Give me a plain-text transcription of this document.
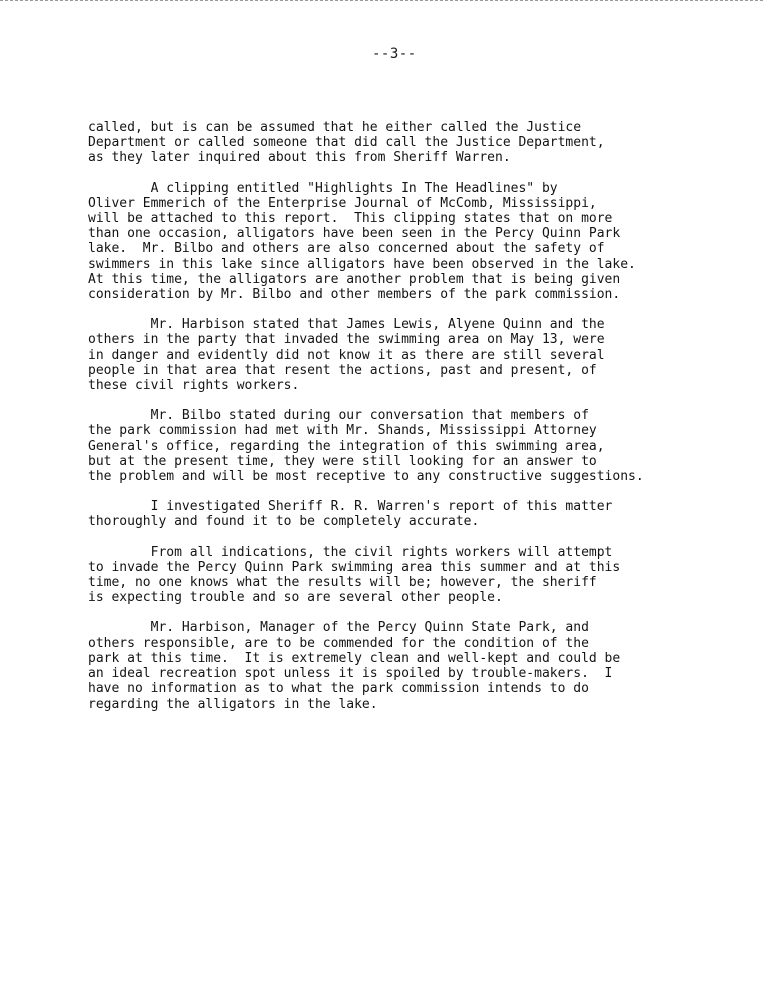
--3--
called, but is can be assumed that he either called the Justice
Department or called someone that did call the Justice Department,
as they later inquired about this from Sheriff Warren.
A clipping entitled "Highlights In The Headlines" by
Oliver Emmerich of the Enterprise Journal of McComb, Mississippi,
will be attached to this report.  This clipping states that on more
than one occasion, alligators have been seen in the Percy Quinn Park
lake.  Mr. Bilbo and others are also concerned about the safety of
swimmers in this lake since alligators have been observed in the lake.
At this time, the alligators are another problem that is being given
consideration by Mr. Bilbo and other members of the park commission.
Mr. Harbison stated that James Lewis, Alyene Quinn and the
others in the party that invaded the swimming area on May 13, were
in danger and evidently did not know it as there are still several
people in that area that resent the actions, past and present, of
these civil rights workers.
Mr. Bilbo stated during our conversation that members of
the park commission had met with Mr. Shands, Mississippi Attorney
General's office, regarding the integration of this swimming area,
but at the present time, they were still looking for an answer to
the problem and will be most receptive to any constructive suggestions.
I investigated Sheriff R. R. Warren's report of this matter
thoroughly and found it to be completely accurate.
From all indications, the civil rights workers will attempt
to invade the Percy Quinn Park swimming area this summer and at this
time, no one knows what the results will be; however, the sheriff
is expecting trouble and so are several other people.
Mr. Harbison, Manager of the Percy Quinn State Park, and
others responsible, are to be commended for the condition of the
park at this time.  It is extremely clean and well-kept and could be
an ideal recreation spot unless it is spoiled by trouble-makers.  I
have no information as to what the park commission intends to do
regarding the alligators in the lake.
